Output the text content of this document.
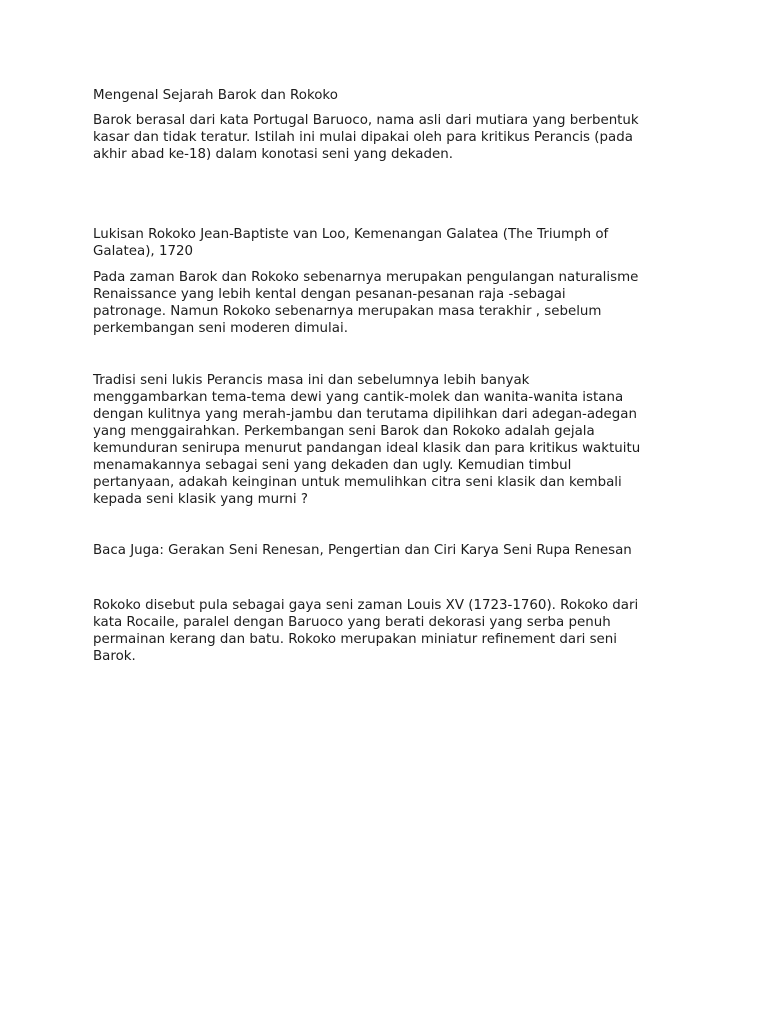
Mengenal Sejarah Barok dan Rokoko

Barok berasal dari kata Portugal Baruoco, nama asli dari mutiara yang berbentuk
kasar dan tidak teratur. Istilah ini mulai dipakai oleh para kritikus Perancis (pada
akhir abad ke-18) dalam konotasi seni yang dekaden.

Lukisan Rokoko Jean-Baptiste van Loo, Kemenangan Galatea (The Triumph of
Galatea), 1720

Pada zaman Barok dan Rokoko sebenarnya merupakan pengulangan naturalisme
Renaissance yang lebih kental dengan pesanan-pesanan raja -sebagai
patronage. Namun Rokoko sebenarnya merupakan masa terakhir , sebelum
perkembangan seni moderen dimulai.

Tradisi seni lukis Perancis masa ini dan sebelumnya lebih banyak
menggambarkan tema-tema dewi yang cantik-molek dan wanita-wanita istana
dengan kulitnya yang merah-jambu dan terutama dipilihkan dari adegan-adegan
yang menggairahkan. Perkembangan seni Barok dan Rokoko adalah gejala
kemunduran senirupa menurut pandangan ideal klasik dan para kritikus waktuitu
menamakannya sebagai seni yang dekaden dan ugly. Kemudian timbul
pertanyaan, adakah keinginan untuk memulihkan citra seni klasik dan kembali
kepada seni klasik yang murni ?

Baca Juga: Gerakan Seni Renesan, Pengertian dan Ciri Karya Seni Rupa Renesan

Rokoko disebut pula sebagai gaya seni zaman Louis XV (1723-1760). Rokoko dari
kata Rocaile, paralel dengan Baruoco yang berati dekorasi yang serba penuh
permainan kerang dan batu. Rokoko merupakan miniatur refinement dari seni
Barok.
